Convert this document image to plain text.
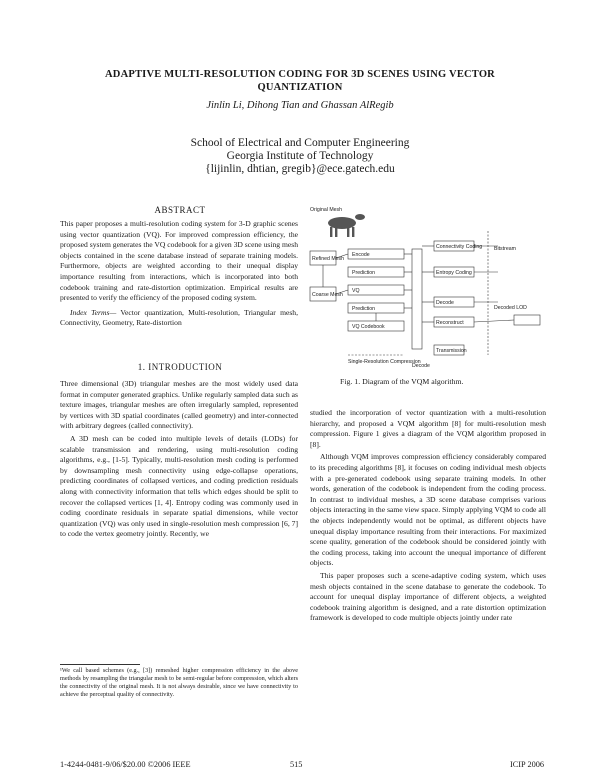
ADAPTIVE MULTI-RESOLUTION CODING FOR 3D SCENES USING VECTOR
QUANTIZATION
Jinlin Li, Dihong Tian and Ghassan AlRegib
School of Electrical and Computer Engineering
Georgia Institute of Technology
{lijinlin, dhtian, gregib}@ece.gatech.edu
ABSTRACT

This paper proposes a multi-resolution coding system for 3-D graphic scenes using vector quantization (VQ). For improved compression efficiency, the proposed system generates the VQ codebook for a given 3D scene using mesh objects contained in the scene database instead of separate training models. Furthermore, objects are weighted according to their unequal display importance resulting from interactions, which is incorporated into both codebook training and rate-distortion optimization. Empirical results are presented to verify the efficiency of the proposed coding system.

Index Terms— Vector quantization, Multi-resolution, Triangular mesh, Connectivity, Geometry, Rate-distortion

1. INTRODUCTION

Three dimensional (3D) triangular meshes are the most widely used data format in computer generated graphics. Unlike regularly sampled data such as texture images, triangular meshes are often irregularly sampled, represented by vertices with 3D spatial coordinates (called geometry) and inter-connected with arbitrary degrees (called connectivity).

A 3D mesh can be coded into multiple levels of details (LODs) for scalable transmission and rendering, using multi-resolution coding algorithms, e.g., [1-5]. Typically, multi-resolution mesh coding is performed by downsampling mesh connectivity using edge-collapse operations, predicting coordinates of collapsed vertices, and coding prediction residuals along with connectivity information that tells which edges should be split to recover the collapsed vertices [1, 4]. Entropy coding was commonly used in coding coordinate residuals in separate spatial dimensions, while vector quantization (VQ) was only used in single-resolution mesh compression [6, 7] to code the vertex geometry jointly. Recently, we

¹We call based schemes (e.g., [3]) remeshed higher compression efficiency in the above methods by resampling the triangular mesh to be semi-regular before compression, which alters the connectivity of the original mesh. It is not always desirable, since we have connectivity to achieve the perceptual quality of connectivity.
Original Mesh
Refined Mesh
Coarse Mesh
Encode
Prediction
VQ
Prediction
VQ Codebook
Connectivity Coding
Entropy Coding
Decode
Reconstruct
Transmission
Single-Resolution Compression
Bitstream
Decoded LOD
Decode
Fig. 1. Diagram of the VQM algorithm.

studied the incorporation of vector quantization with a multi-resolution hierarchy, and proposed a VQM algorithm [8] for multi-resolution mesh compression. Figure 1 gives a diagram of the VQM algorithm proposed in [8].

Although VQM improves compression efficiency considerably compared to its preceding algorithms [8], it focuses on coding individual mesh objects with a pre-generated codebook using separate training models. In other words, generation of the codebook is independent from the coding process. In contrast to individual meshes, a 3D scene database comprises various objects interacting in the same view space. Simply applying VQM to code all the objects independently would not be optimal, as different objects have unequal display importance resulting from their interactions. For maximized scene quality, generation of the codebook should be considered jointly with the coding process, taking into account the unequal importance of different objects.

This paper proposes such a scene-adaptive coding system, which uses mesh objects contained in the scene database to generate the codebook. To account for unequal display importance of different objects, a weighted codebook training algorithm is designed, and a rate distortion optimization framework is developed to code multiple objects jointly under rate

1-4244-0481-9/06/$20.00 ©2006 IEEE	515	ICIP 2006
